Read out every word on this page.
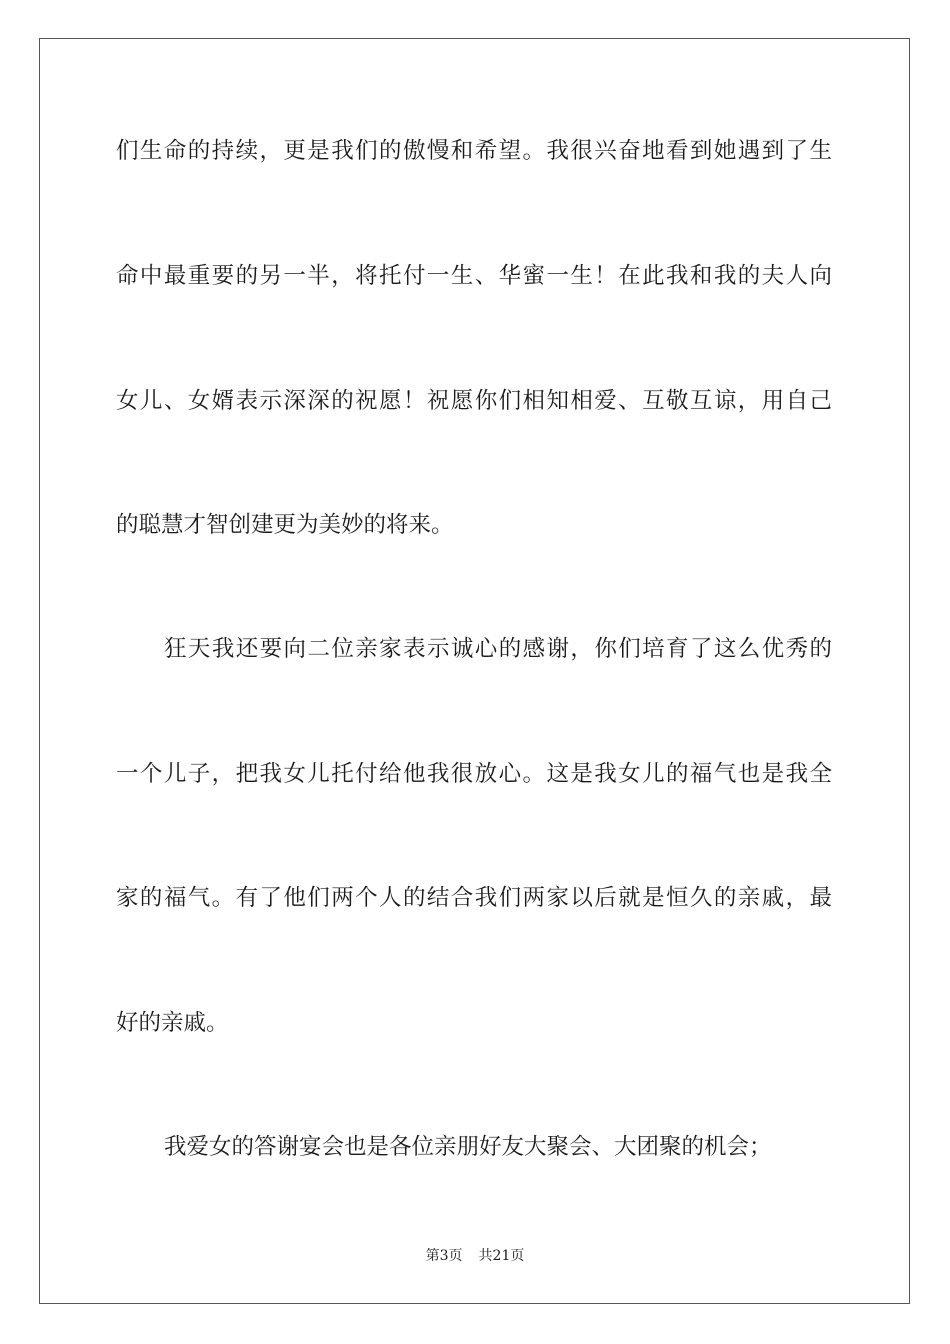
们生命的持续，更是我们的傲慢和希望。我很兴奋地看到她遇到了生
命中最重要的另一半，将托付一生、华蜜一生！在此我和我的夫人向
女儿、女婿表示深深的祝愿！祝愿你们相知相爱、互敬互谅，用自己
的聪慧才智创建更为美妙的将来。
狂天我还要向二位亲家表示诚心的感谢，你们培育了这么优秀的
一个儿子，把我女儿托付给他我很放心。这是我女儿的福气也是我全
家的福气。有了他们两个人的结合我们两家以后就是恒久的亲戚，最
好的亲戚。
我爱女的答谢宴会也是各位亲朋好友大聚会、大团聚的机会；
第3页 共21页
